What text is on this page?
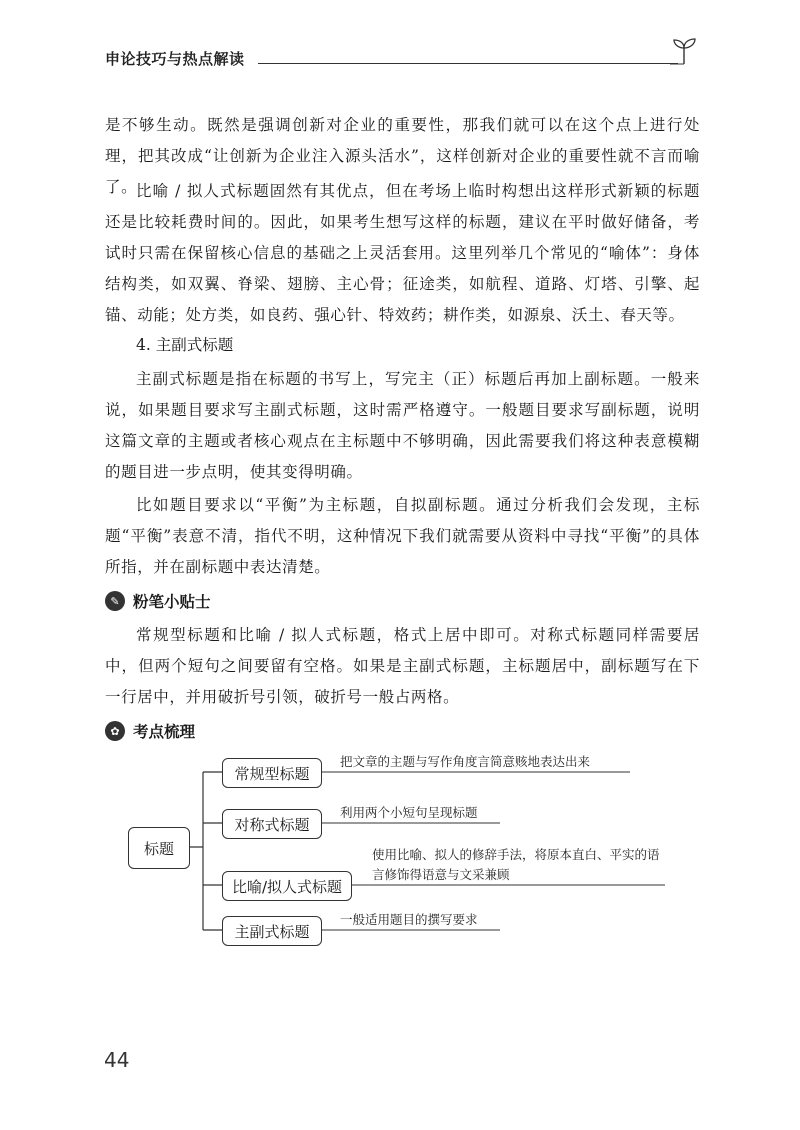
申论技巧与热点解读
是不够生动。既然是强调创新对企业的重要性，那我们就可以在这个点上进行处理，把其改成“让创新为企业注入源头活水”，这样创新对企业的重要性就不言而喻了。
比喻 / 拟人式标题固然有其优点，但在考场上临时构想出这样形式新颖的标题还是比较耗费时间的。因此，如果考生想写这样的标题，建议在平时做好储备，考试时只需在保留核心信息的基础之上灵活套用。这里列举几个常见的“喻体”：身体结构类，如双翼、脊梁、翅膀、主心骨；征途类，如航程、道路、灯塔、引擎、起锚、动能；处方类，如良药、强心针、特效药；耕作类，如源泉、沃土、春天等。
4. 主副式标题
主副式标题是指在标题的书写上，写完主（正）标题后再加上副标题。一般来说，如果题目要求写主副式标题，这时需严格遵守。一般题目要求写副标题，说明这篇文章的主题或者核心观点在主标题中不够明确，因此需要我们将这种表意模糊的题目进一步点明，使其变得明确。
比如题目要求以“平衡”为主标题，自拟副标题。通过分析我们会发现，主标题“平衡”表意不清，指代不明，这种情况下我们就需要从资料中寻找“平衡”的具体所指，并在副标题中表达清楚。
✎ 粉笔小贴士
常规型标题和比喻 / 拟人式标题，格式上居中即可。对称式标题同样需要居中，但两个短句之间要留有空格。如果是主副式标题，主标题居中，副标题写在下一行居中，并用破折号引领，破折号一般占两格。
✿ 考点梳理
标题
常规型标题
对称式标题
比喻/拟人式标题
主副式标题
把文章的主题与写作角度言简意赅地表达出来
利用两个小短句呈现标题
使用比喻、拟人的修辞手法，将原本直白、平实的语言修饰得语意与文采兼顾
一般适用题目的撰写要求
44
